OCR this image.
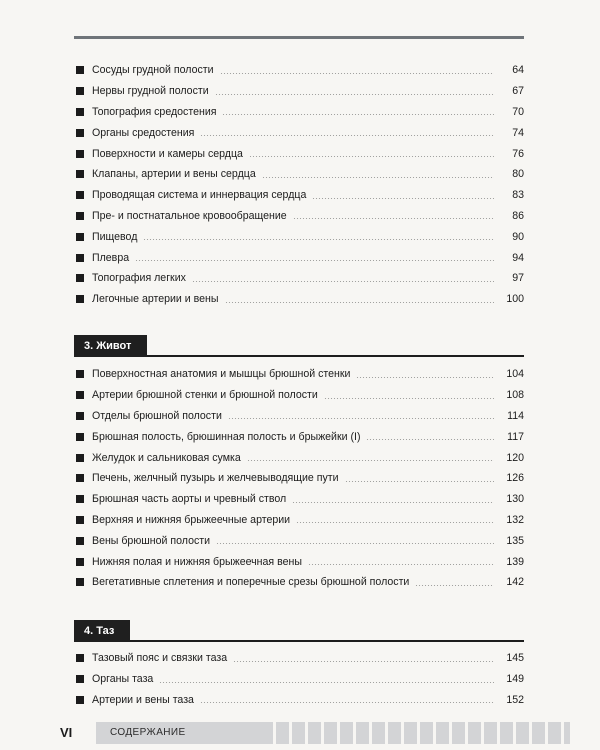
Сосуды грудной полости	64
Нервы грудной полости	67
Топография средостения	70
Органы средостения	74
Поверхности и камеры сердца	76
Клапаны, артерии и вены сердца	80
Проводящая система и иннервация сердца	83
Пре- и постнатальное кровообращение	86
Пищевод	90
Плевра	94
Топография легких	97
Легочные артерии и вены	100
3. Живот
Поверхностная анатомия и мышцы брюшной стенки	104
Артерии брюшной стенки и брюшной полости	108
Отделы брюшной полости	114
Брюшная полость, брюшинная полость и брыжейки (I)	117
Желудок и сальниковая сумка	120
Печень, желчный пузырь и желчевыводящие пути	126
Брюшная часть аорты и чревный ствол	130
Верхняя и нижняя брыжеечные артерии	132
Вены брюшной полости	135
Нижняя полая и нижняя брыжеечная вены	139
Вегетативные сплетения и поперечные срезы брюшной полости	142
4. Таз
Тазовый пояс и связки таза	145
Органы таза	149
Артерии и вены таза	152
VI	СОДЕРЖАНИЕ
